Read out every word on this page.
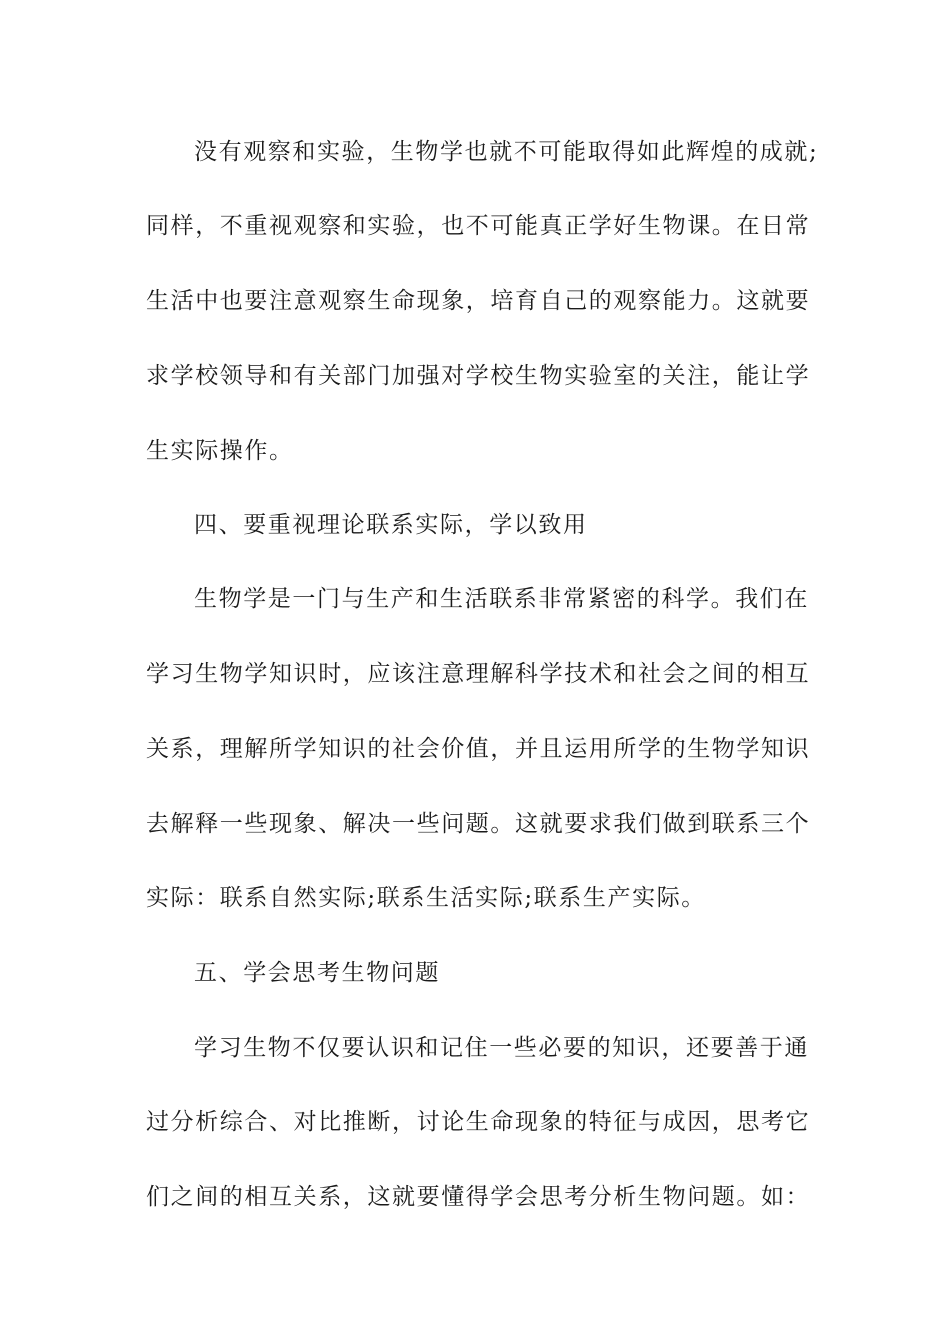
没有观察和实验，生物学也就不可能取得如此辉煌的成就;
同样，不重视观察和实验，也不可能真正学好生物课。在日常
生活中也要注意观察生命现象，培育自己的观察能力。这就要
求学校领导和有关部门加强对学校生物实验室的关注，能让学
生实际操作。
四、要重视理论联系实际，学以致用
生物学是一门与生产和生活联系非常紧密的科学。我们在
学习生物学知识时，应该注意理解科学技术和社会之间的相互
关系，理解所学知识的社会价值，并且运用所学的生物学知识
去解释一些现象、解决一些问题。这就要求我们做到联系三个
实际：联系自然实际;联系生活实际;联系生产实际。
五、学会思考生物问题
学习生物不仅要认识和记住一些必要的知识，还要善于通
过分析综合、对比推断，讨论生命现象的特征与成因，思考它
们之间的相互关系，这就要懂得学会思考分析生物问题。如：
